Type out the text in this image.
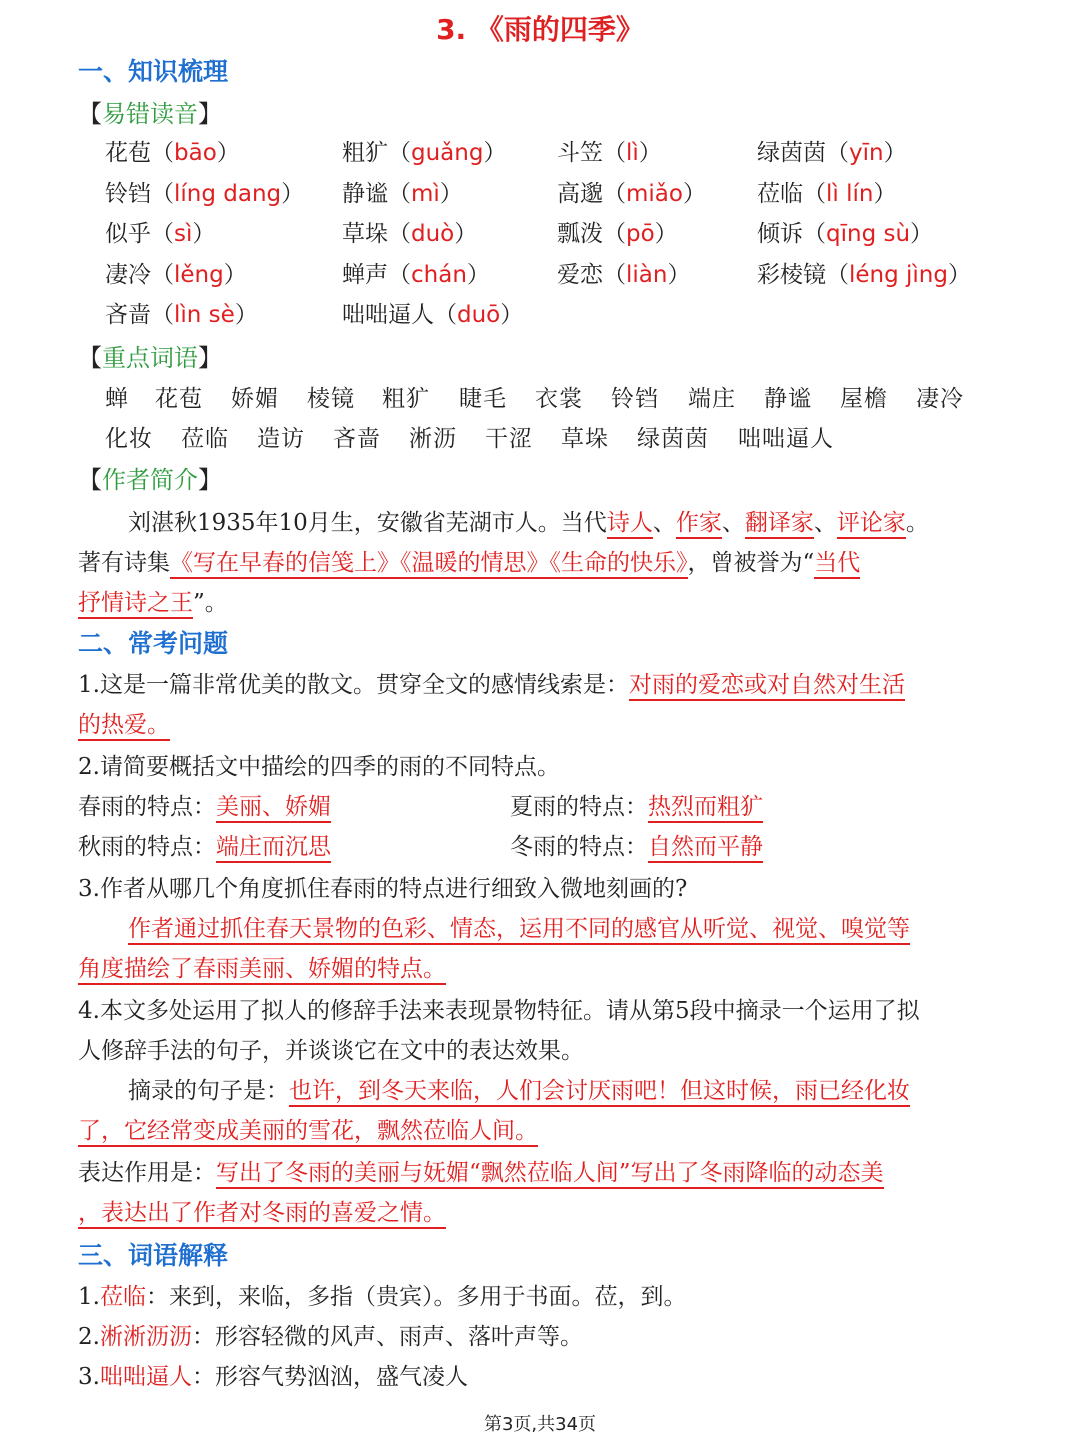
3. 《雨的四季》
一、知识梳理
【易错读音】
花苞（bāo）	粗犷（guǎng） 斗笠（lì）	绿茵茵（yīn）
铃铛（líng dang） 静谧（mì）	高邈（miǎo） 莅临（lì lín）
似乎（sì）	草垛（duò）	瓢泼（pō）	倾诉（qīng sù）
凄冷（lěng）	蝉声（chán）	爱恋（liàn）	彩棱镜（léng jìng）
吝啬（lìn sè）	咄咄逼人（duō）
【重点词语】
蝉 花苞 娇媚 棱镜 粗犷 睫毛 衣裳 铃铛 端庄 静谧 屋檐 凄冷
化妆 莅临 造访 吝啬 淅沥 干涩 草垛 绿茵茵 咄咄逼人
【作者简介】
刘湛秋1935年10月生，安徽省芜湖市人。当代诗人、作家、翻译家、评论家。
著有诗集《写在早春的信笺上》《温暖的情思》《生命的快乐》，曾被誉为“当代
抒情诗之王”。
二、常考问题
1.这是一篇非常优美的散文。贯穿全文的感情线索是：对雨的爱恋或对自然对生活
的热爱。
2.请简要概括文中描绘的四季的雨的不同特点。
春雨的特点：美丽、娇媚	夏雨的特点：热烈而粗犷
秋雨的特点：端庄而沉思	冬雨的特点：自然而平静
3.作者从哪几个角度抓住春雨的特点进行细致入微地刻画的?
作者通过抓住春天景物的色彩、情态，运用不同的感官从听觉、视觉、嗅觉等
角度描绘了春雨美丽、娇媚的特点。
4.本文多处运用了拟人的修辞手法来表现景物特征。请从第5段中摘录一个运用了拟
人修辞手法的句子，并谈谈它在文中的表达效果。
摘录的句子是：也许，到冬天来临，人们会讨厌雨吧！但这时候，雨已经化妆
了，它经常变成美丽的雪花，飘然莅临人间。
表达作用是：写出了冬雨的美丽与妩媚“飘然莅临人间”写出了冬雨降临的动态美
，表达出了作者对冬雨的喜爱之情。
三、词语解释
1.莅临：来到，来临，多指（贵宾）。多用于书面。莅，到。
2.淅淅沥沥：形容轻微的风声、雨声、落叶声等。
3.咄咄逼人：形容气势汹汹，盛气凌人
第3页,共34页
